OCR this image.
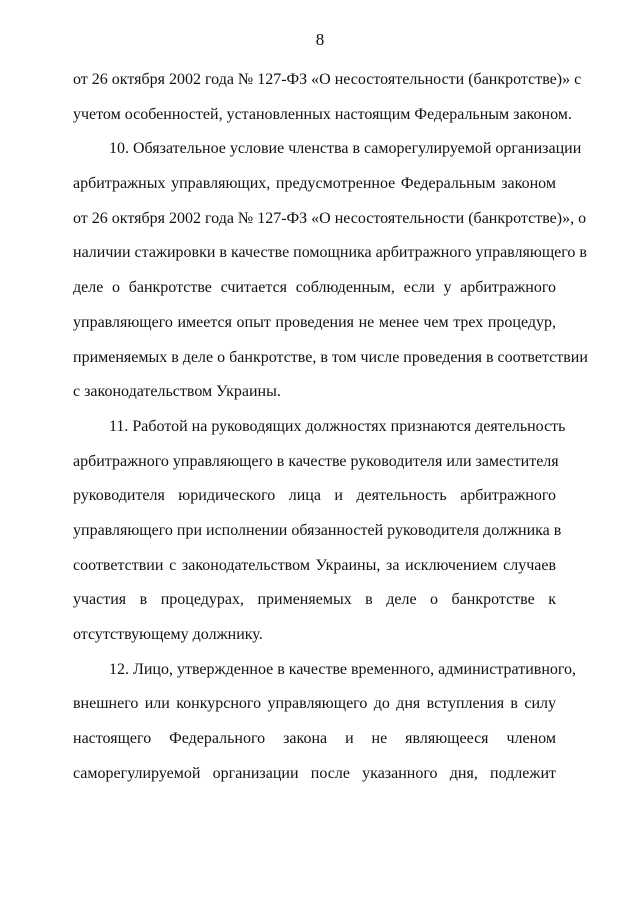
8
от 26 октября 2002 года № 127-ФЗ «О несостоятельности (банкротстве)» с
учетом особенностей, установленных настоящим Федеральным законом.
10. Обязательное условие членства в саморегулируемой организации
арбитражных управляющих, предусмотренное Федеральным законом
от 26 октября 2002 года № 127-ФЗ «О несостоятельности (банкротстве)», о
наличии стажировки в качестве помощника арбитражного управляющего в
деле о банкротстве считается соблюденным, если у арбитражного
управляющего имеется опыт проведения не менее чем трех процедур,
применяемых в деле о банкротстве, в том числе проведения в соответствии
с законодательством Украины.
11. Работой на руководящих должностях признаются деятельность
арбитражного управляющего в качестве руководителя или заместителя
руководителя юридического лица и деятельность арбитражного
управляющего при исполнении обязанностей руководителя должника в
соответствии с законодательством Украины, за исключением случаев
участия в процедурах, применяемых в деле о банкротстве к
отсутствующему должнику.
12. Лицо, утвержденное в качестве временного, административного,
внешнего или конкурсного управляющего до дня вступления в силу
настоящего Федерального закона и не являющееся членом
саморегулируемой организации после указанного дня, подлежит
